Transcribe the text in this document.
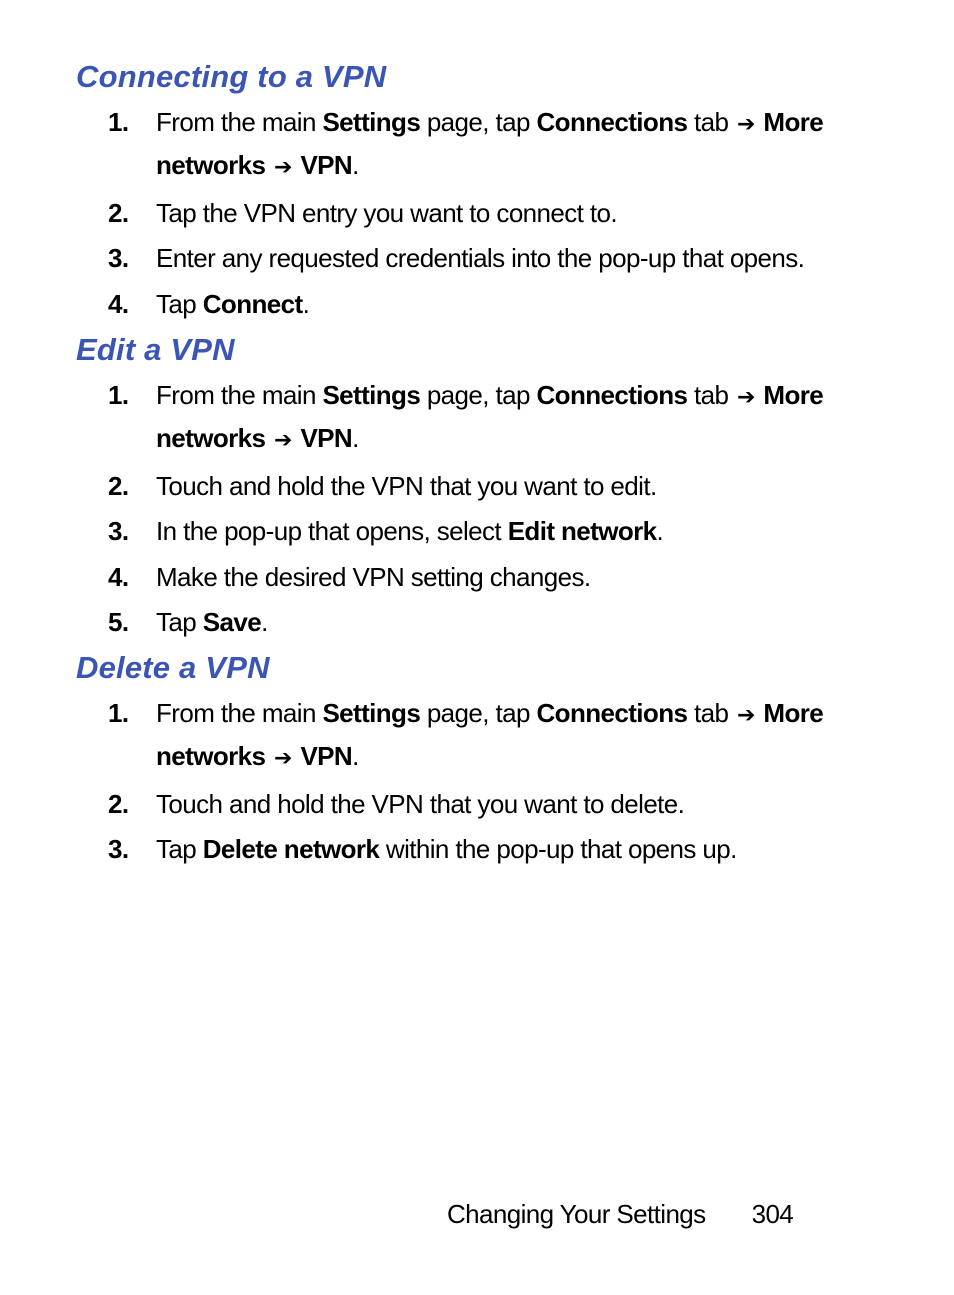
Connecting to a VPN
1. From the main Settings page, tap Connections tab ➔ More networks ➔ VPN.
2. Tap the VPN entry you want to connect to.
3. Enter any requested credentials into the pop-up that opens.
4. Tap Connect.
Edit a VPN
1. From the main Settings page, tap Connections tab ➔ More networks ➔ VPN.
2. Touch and hold the VPN that you want to edit.
3. In the pop-up that opens, select Edit network.
4. Make the desired VPN setting changes.
5. Tap Save.
Delete a VPN
1. From the main Settings page, tap Connections tab ➔ More networks ➔ VPN.
2. Touch and hold the VPN that you want to delete.
3. Tap Delete network within the pop-up that opens up.
Changing Your Settings 304
